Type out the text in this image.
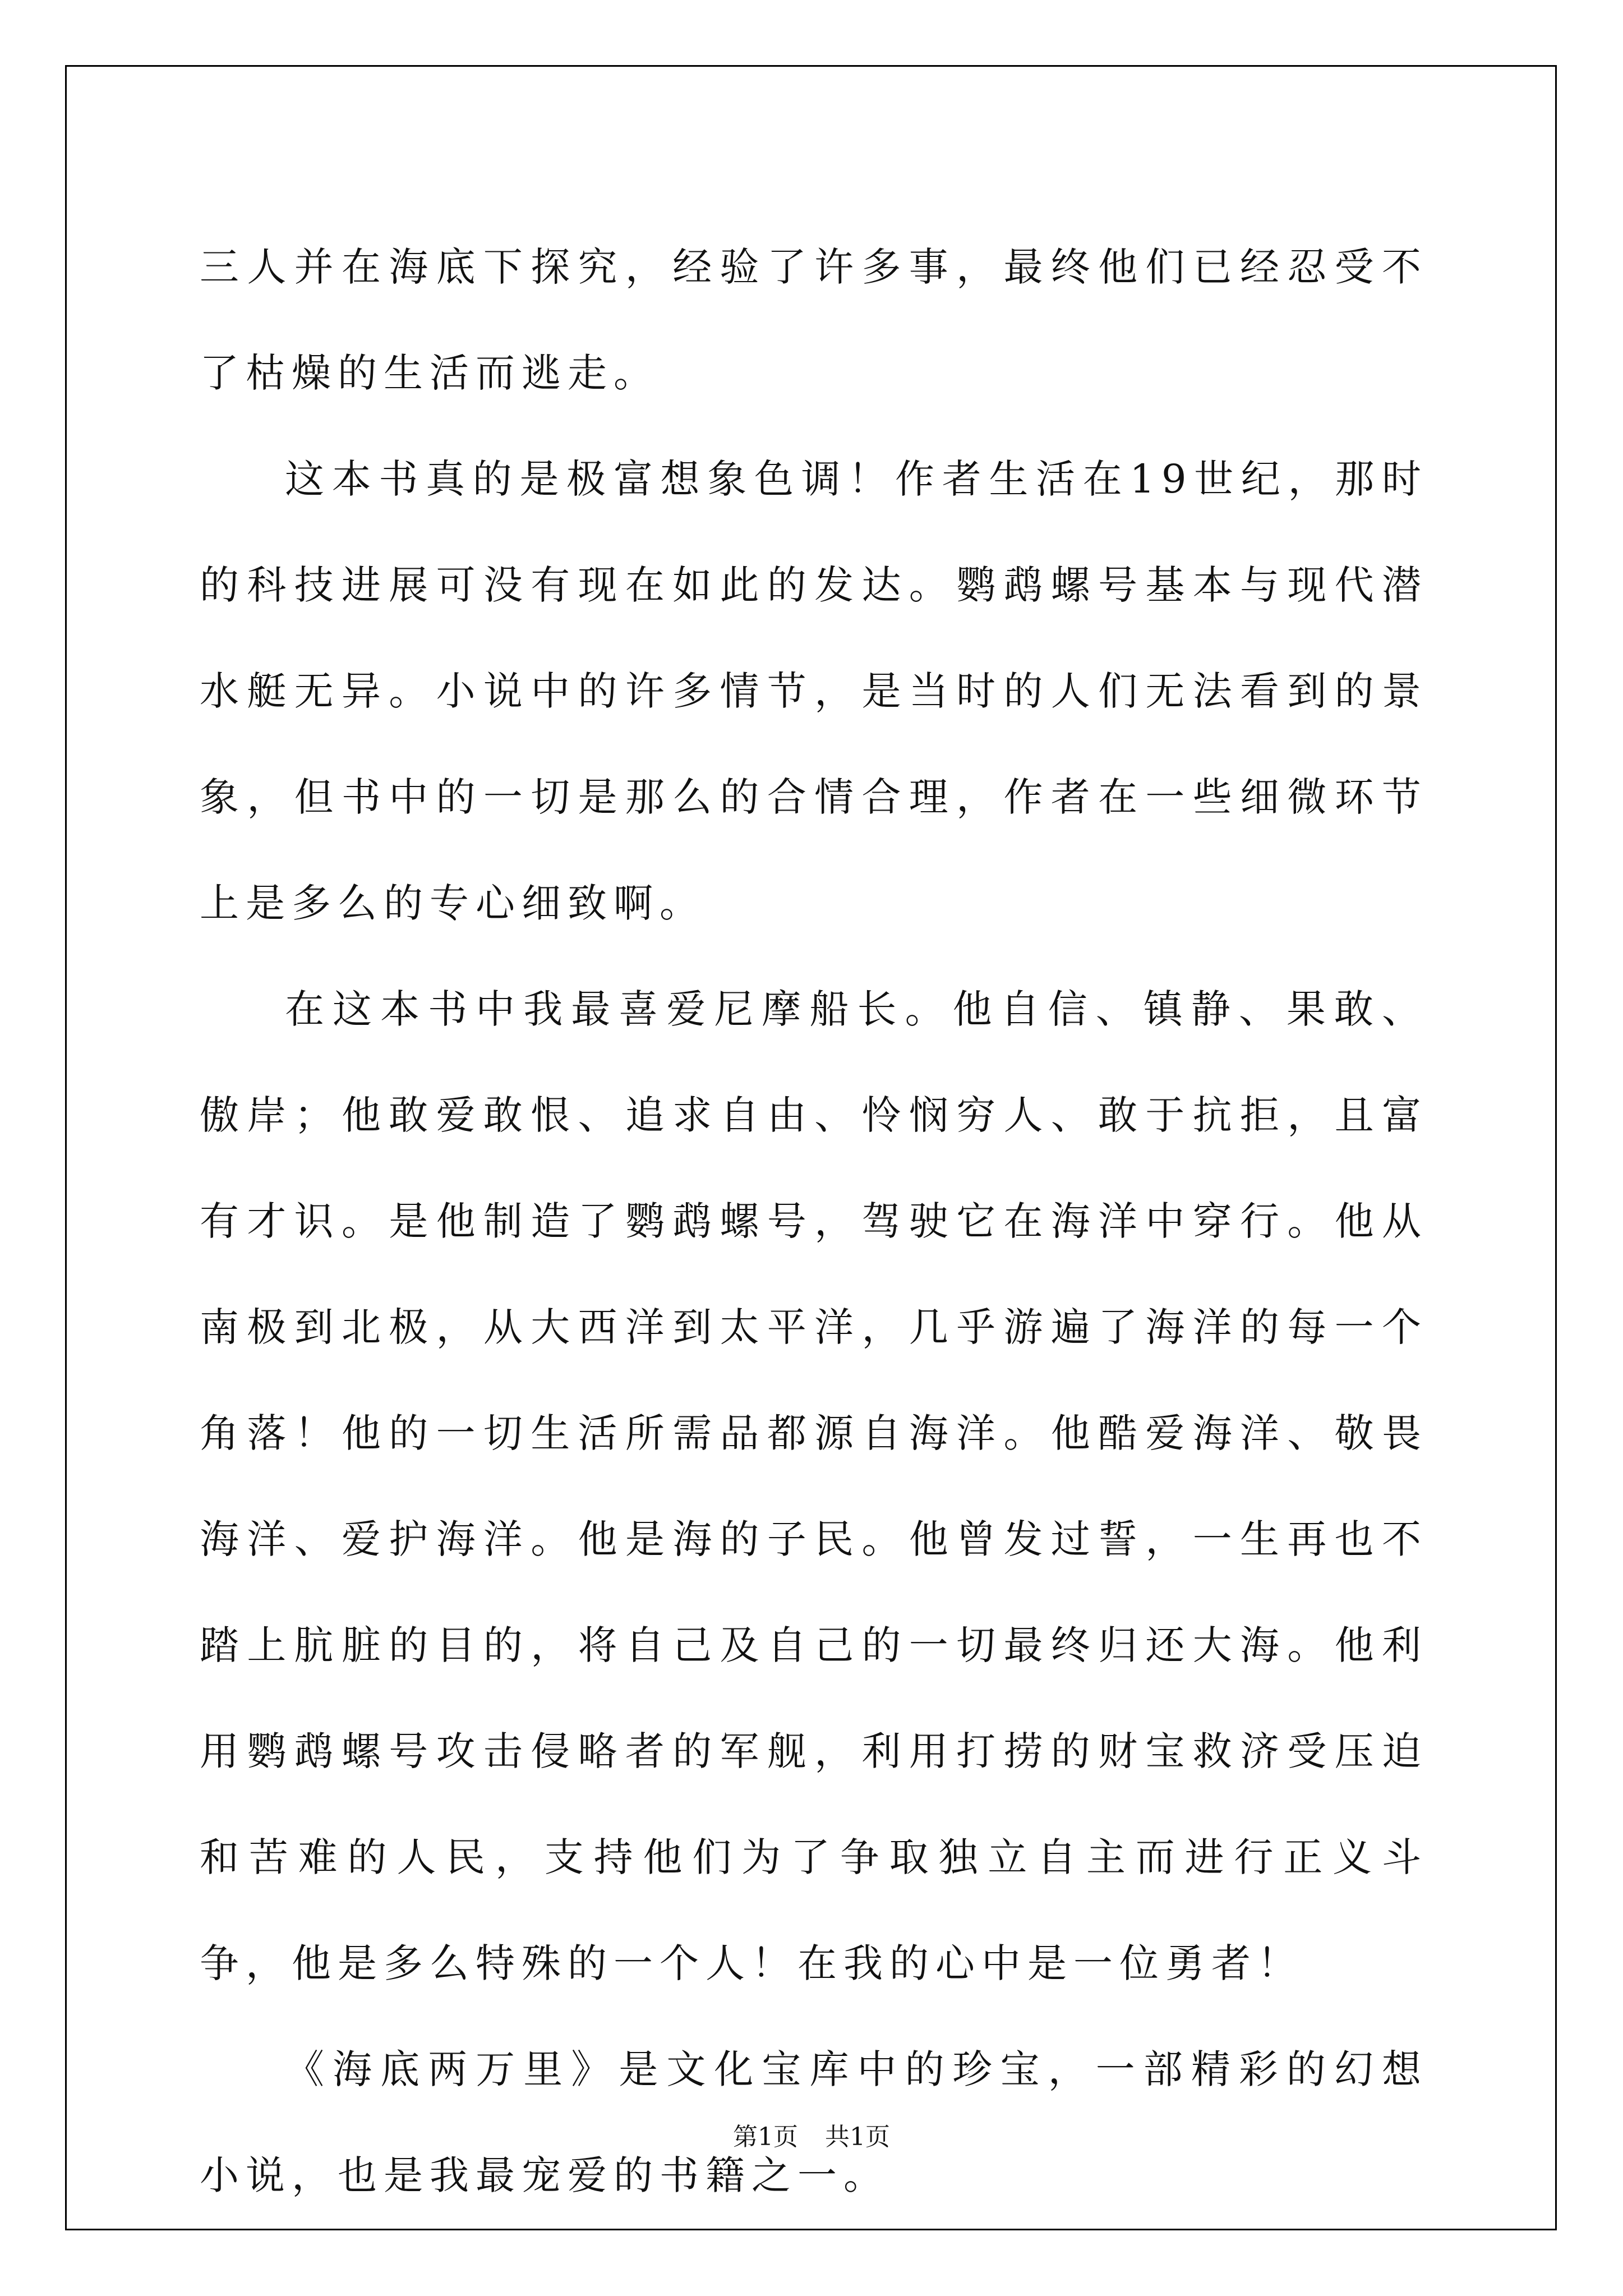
三人并在海底下探究，经验了许多事，最终他们已经忍受不了枯燥的生活而逃走。

这本书真的是极富想象色调！作者生活在19世纪，那时的科技进展可没有现在如此的发达。鹦鹉螺号基本与现代潜水艇无异。小说中的许多情节，是当时的人们无法看到的景象，但书中的一切是那么的合情合理，作者在一些细微环节上是多么的专心细致啊。

在这本书中我最喜爱尼摩船长。他自信、镇静、果敢、傲岸；他敢爱敢恨、追求自由、怜悯穷人、敢于抗拒，且富有才识。是他制造了鹦鹉螺号，驾驶它在海洋中穿行。他从南极到北极，从大西洋到太平洋，几乎游遍了海洋的每一个角落！他的一切生活所需品都源自海洋。他酷爱海洋、敬畏海洋、爱护海洋。他是海的子民。他曾发过誓，一生再也不踏上肮脏的目的，将自己及自己的一切最终归还大海。他利用鹦鹉螺号攻击侵略者的军舰，利用打捞的财宝救济受压迫和苦难的人民，支持他们为了争取独立自主而进行正义斗争，他是多么特殊的一个人！在我的心中是一位勇者！

《海底两万里》是文化宝库中的珍宝，一部精彩的幻想小说，也是我最宠爱的书籍之一。

第1页 共1页
